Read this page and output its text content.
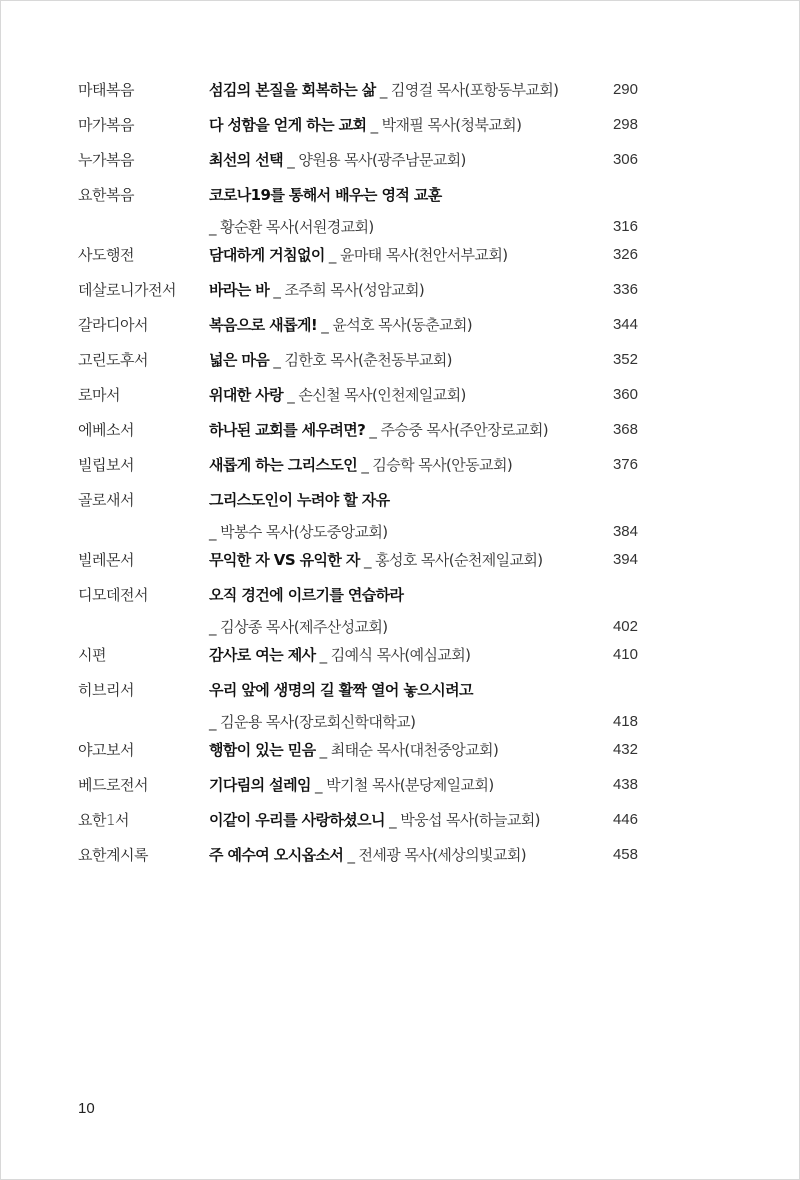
마태복음	섬김의 본질을 회복하는 삶 _ 김영걸 목사(포항동부교회)	290
마가복음	다 성함을 얻게 하는 교회 _ 박재필 목사(청북교회)	298
누가복음	최선의 선택 _ 양원용 목사(광주남문교회)	306
요한복음	코로나19를 통해서 배우는 영적 교훈
_ 황순환 목사(서원경교회)	316
사도행전	담대하게 거침없이 _ 윤마태 목사(천안서부교회)	326
데살로니가전서	바라는 바 _ 조주희 목사(성암교회)	336
갈라디아서	복음으로 새롭게! _ 윤석호 목사(동춘교회)	344
고린도후서	넓은 마음 _ 김한호 목사(춘천동부교회)	352
로마서	위대한 사랑 _ 손신철 목사(인천제일교회)	360
에베소서	하나된 교회를 세우려면? _ 주승중 목사(주안장로교회)	368
빌립보서	새롭게 하는 그리스도인 _ 김승학 목사(안동교회)	376
골로새서	그리스도인이 누려야 할 자유
_ 박봉수 목사(상도중앙교회)	384
빌레몬서	무익한 자 VS 유익한 자 _ 홍성호 목사(순천제일교회)	394
디모데전서	오직 경건에 이르기를 연습하라
_ 김상종 목사(제주산성교회)	402
시편	감사로 여는 제사 _ 김예식 목사(예심교회)	410
히브리서	우리 앞에 생명의 길 활짝 열어 놓으시려고
_ 김운용 목사(장로회신학대학교)	418
야고보서	행함이 있는 믿음 _ 최태순 목사(대천중앙교회)	432
베드로전서	기다림의 설레임 _ 박기철 목사(분당제일교회)	438
요한1서	이같이 우리를 사랑하셨으니 _ 박웅섭 목사(하늘교회)	446
요한계시록	주 예수여 오시옵소서 _ 전세광 목사(세상의빛교회)	458
10
